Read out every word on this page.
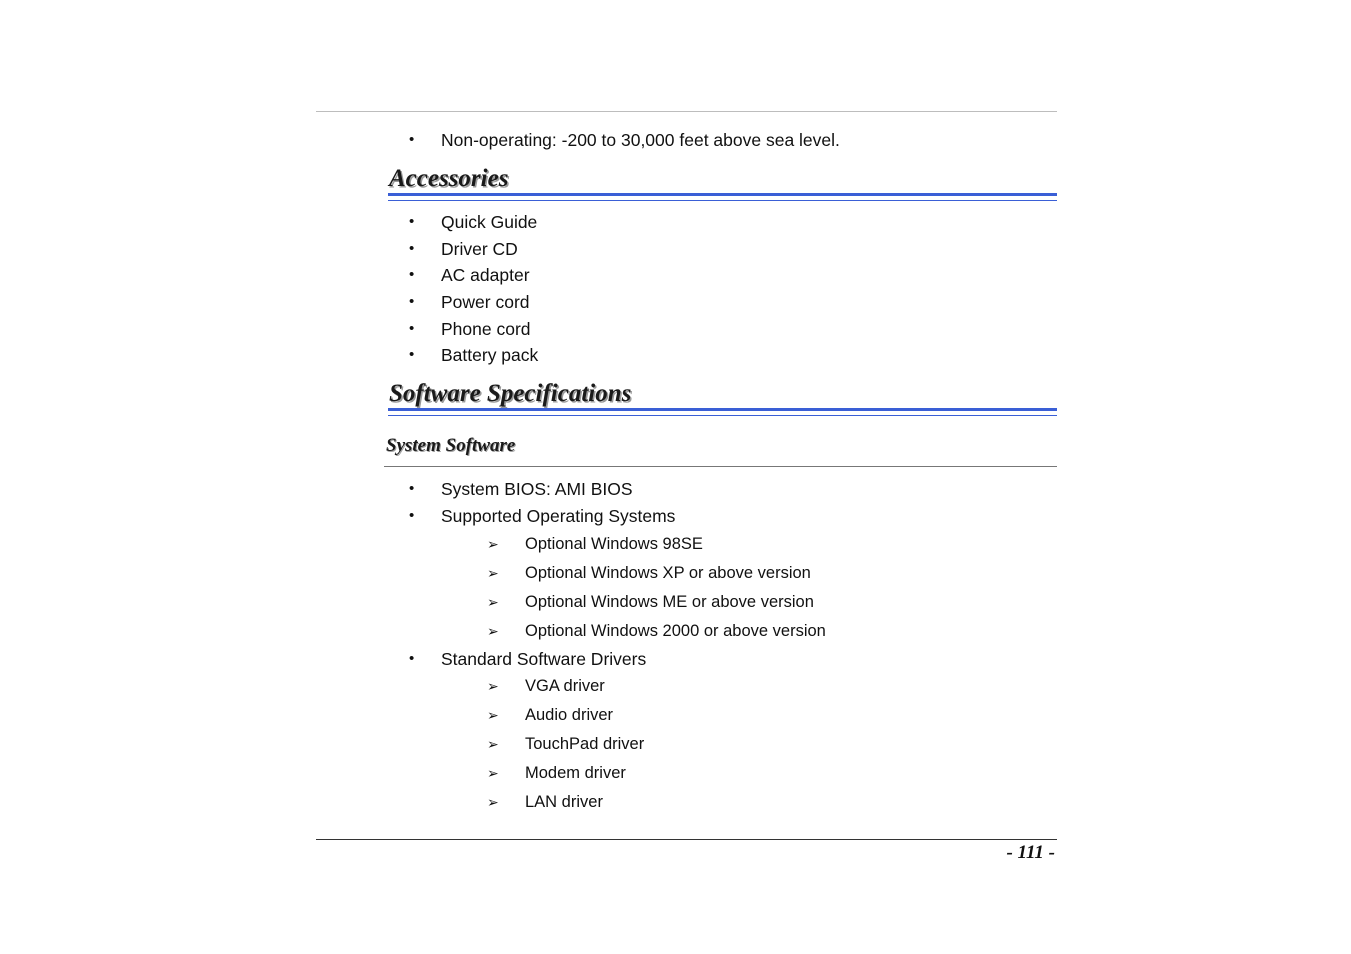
• Non-operating: -200 to 30,000 feet above sea level.
Accessories
• Quick Guide
• Driver CD
• AC adapter
• Power cord
• Phone cord
• Battery pack
Software Specifications
System Software
• System BIOS: AMI BIOS
• Supported Operating Systems
➢ Optional Windows 98SE
➢ Optional Windows XP or above version
➢ Optional Windows ME or above version
➢ Optional Windows 2000 or above version
• Standard Software Drivers
➢ VGA driver
➢ Audio driver
➢ TouchPad driver
➢ Modem driver
➢ LAN driver
- 111 -
